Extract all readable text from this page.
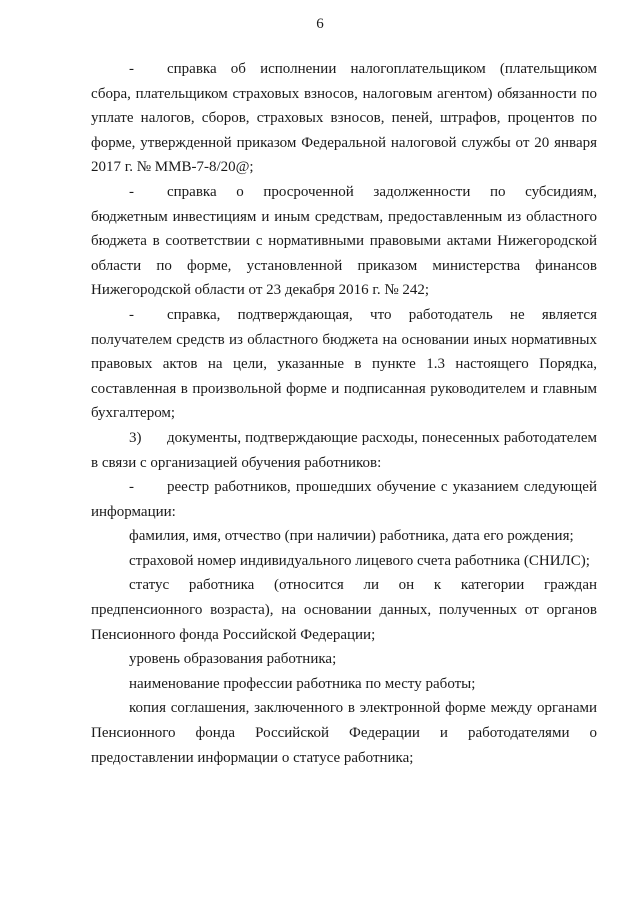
6

- справка об исполнении налогоплательщиком (плательщиком сбора, плательщиком страховых взносов, налоговым агентом) обязанности по уплате налогов, сборов, страховых взносов, пеней, штрафов, процентов по форме, утвержденной приказом Федеральной налоговой службы от 20 января 2017 г. № ММВ-7-8/20@;

- справка о просроченной задолженности по субсидиям, бюджетным инвестициям и иным средствам, предоставленным из областного бюджета в соответствии с нормативными правовыми актами Нижегородской области по форме, установленной приказом министерства финансов Нижегородской области от 23 декабря 2016 г. № 242;

- справка, подтверждающая, что работодатель не является получателем средств из областного бюджета на основании иных нормативных правовых актов на цели, указанные в пункте 1.3 настоящего Порядка, составленная в произвольной форме и подписанная руководителем и главным бухгалтером;

3) документы, подтверждающие расходы, понесенных работодателем в связи с организацией обучения работников:

- реестр работников, прошедших обучение с указанием следующей информации:

фамилия, имя, отчество (при наличии) работника, дата его рождения;

страховой номер индивидуального лицевого счета работника (СНИЛС);

статус работника (относится ли он к категории граждан предпенсионного возраста), на основании данных, полученных от органов Пенсионного фонда Российской Федерации;

уровень образования работника;

наименование профессии работника по месту работы;

копия соглашения, заключенного в электронной форме между органами Пенсионного фонда Российской Федерации и работодателями о предоставлении информации о статусе работника;
